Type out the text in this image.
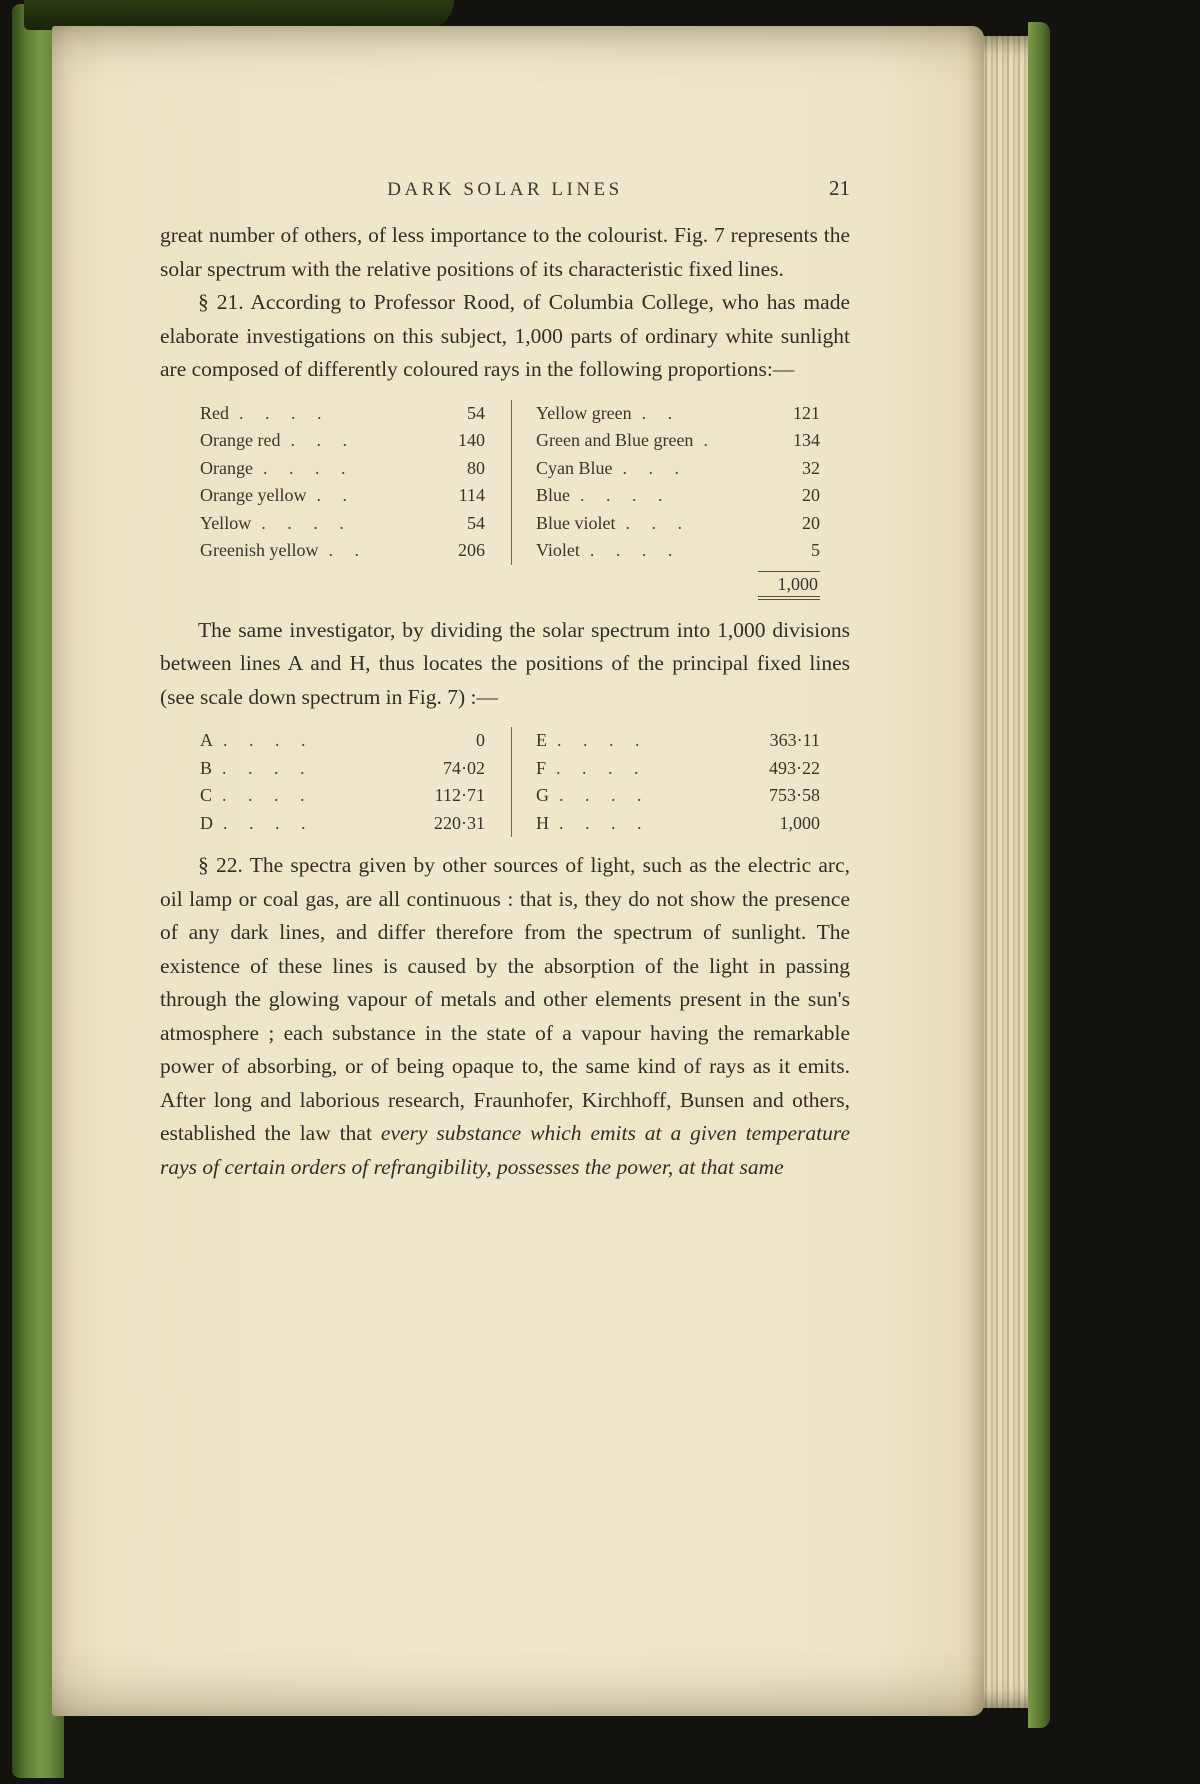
DARK SOLAR LINES	21

great number of others, of less importance to the colourist. Fig. 7 represents the solar spectrum with the relative positions of its characteristic fixed lines.

§ 21. According to Professor Rood, of Columbia College, who has made elaborate investigations on this subject, 1,000 parts of ordinary white sunlight are composed of differently coloured rays in the following proportions:—

Red . . . .	54
Orange red . . .	140
Orange . . . .	80
Orange yellow . .	114
Yellow . . . .	54
Greenish yellow . .	206
Yellow green . .	121
Green and Blue green .	134
Cyan Blue . . .	32
Blue . . . .	20
Blue violet . . .	20
Violet . . . .	5
1,000

The same investigator, by dividing the solar spectrum into 1,000 divisions between lines A and H, thus locates the positions of the principal fixed lines (see scale down spectrum in Fig. 7) :—

A . . . .	0
B . . . .	74·02
C . . . .	112·71
D . . . .	220·31
E . . . .	363·11
F . . . .	493·22
G . . . .	753·58
H . . . .	1,000

§ 22. The spectra given by other sources of light, such as the electric arc, oil lamp or coal gas, are all continuous : that is, they do not show the presence of any dark lines, and differ therefore from the spectrum of sunlight. The existence of these lines is caused by the absorption of the light in passing through the glowing vapour of metals and other elements present in the sun's atmosphere ; each substance in the state of a vapour having the remarkable power of absorbing, or of being opaque to, the same kind of rays as it emits. After long and laborious research, Fraunhofer, Kirchhoff, Bunsen and others, established the law that every substance which emits at a given temperature rays of certain orders of refrangibility, possesses the power, at that same
